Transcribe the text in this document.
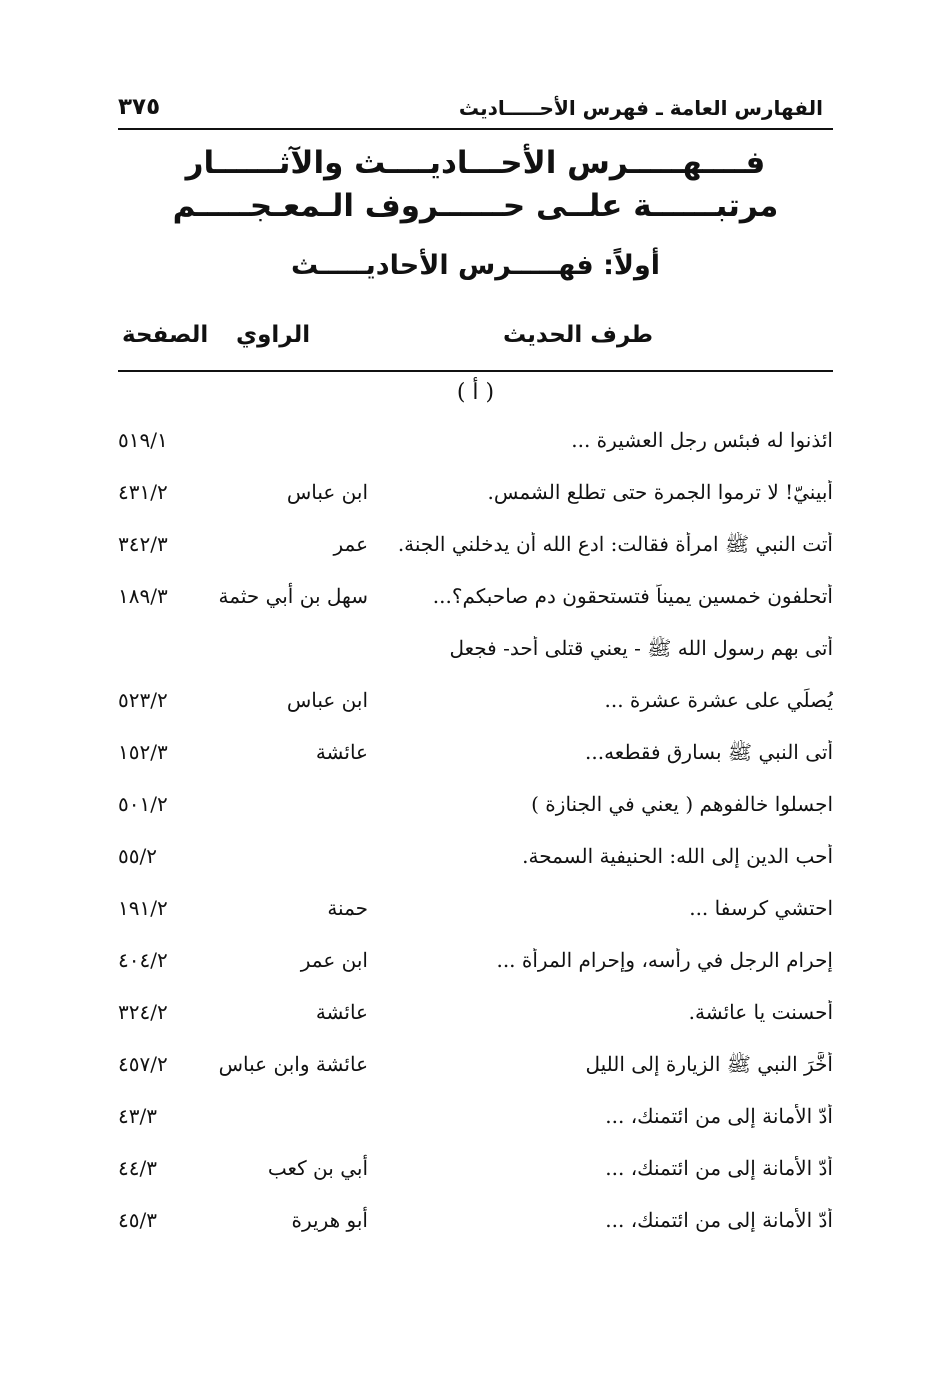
الفهارس العامة ـ فهرس الأحـــــاديث
٣٧٥
فــــهـــــرس الأحـــاديــــث والآثــــــار
مرتبــــــة علــى حــــــروف الـمعـجـــــم
أولاً: فهـــــرس الأحاديـــــث
طرف الحديث
الراوي
الصفحة
( أ )
ائذنوا له فبئس رجل العشيرة ...
٥١٩/١
أبينيّ! لا ترموا الجمرة حتى تطلع الشمس.
ابن عباس
٤٣١/٢
أتت النبي ﷺ امرأة فقالت: ادع الله أن يدخلني الجنة.
عمر
٣٤٢/٣
أتحلفون خمسين يميناً فتستحقون دم صاحبكم؟...
سهل بن أبي حثمة
١٨٩/٣
أتى بهم رسول الله ﷺ - يعني قتلى أحد- فجعل
يُصلِّي على عشرة عشرة ...
ابن عباس
٥٢٣/٢
أتى النبي ﷺ بسارق فقطعه...
عائشة
١٥٢/٣
اجسلوا خالفوهم ( يعني في الجنازة )
٥٠١/٢
أحب الدين إلى الله: الحنيفية السمحة.
٥٥/٢
احتشي كرسفا ...
حمنة
١٩١/٢
إحرام الرجل في رأسه، وإحرام المرأة ...
ابن عمر
٤٠٤/٢
أحسنت يا عائشة.
عائشة
٣٢٤/٢
أَخَّرَ النبي ﷺ الزيارة إلى الليل
عائشة وابن عباس
٤٥٧/٢
أدّ الأمانة إلى من ائتمنك، ...
٤٣/٣
أدّ الأمانة إلى من ائتمنك، ...
أبي بن كعب
٤٤/٣
أدّ الأمانة إلى من ائتمنك، ...
أبو هريرة
٤٥/٣
